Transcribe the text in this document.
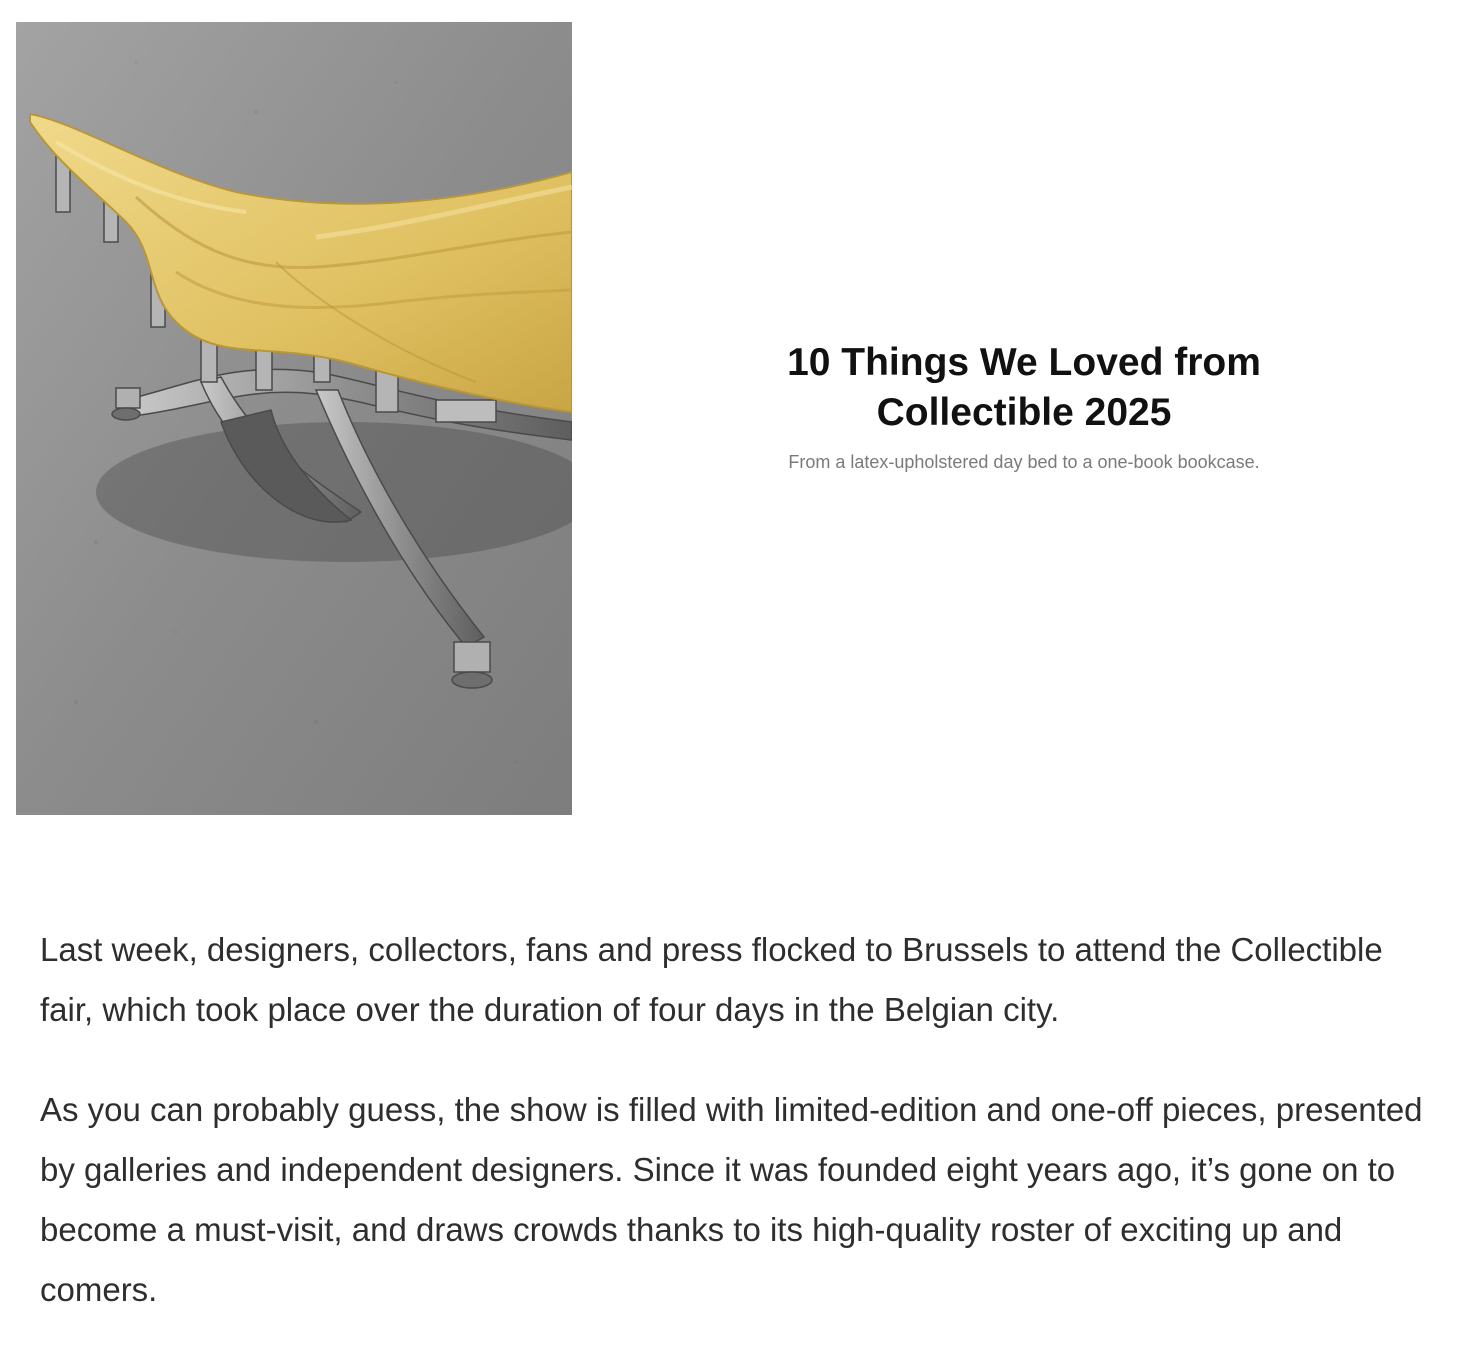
10 Things We Loved from Collectible 2025

From a latex-upholstered day bed to a one-book bookcase.

Last week, designers, collectors, fans and press flocked to Brussels to attend the Collectible fair, which took place over the duration of four days in the Belgian city.

As you can probably guess, the show is filled with limited-edition and one-off pieces, presented by galleries and independent designers. Since it was founded eight years ago, it’s gone on to become a must-visit, and draws crowds thanks to its high-quality roster of exciting up and comers.
